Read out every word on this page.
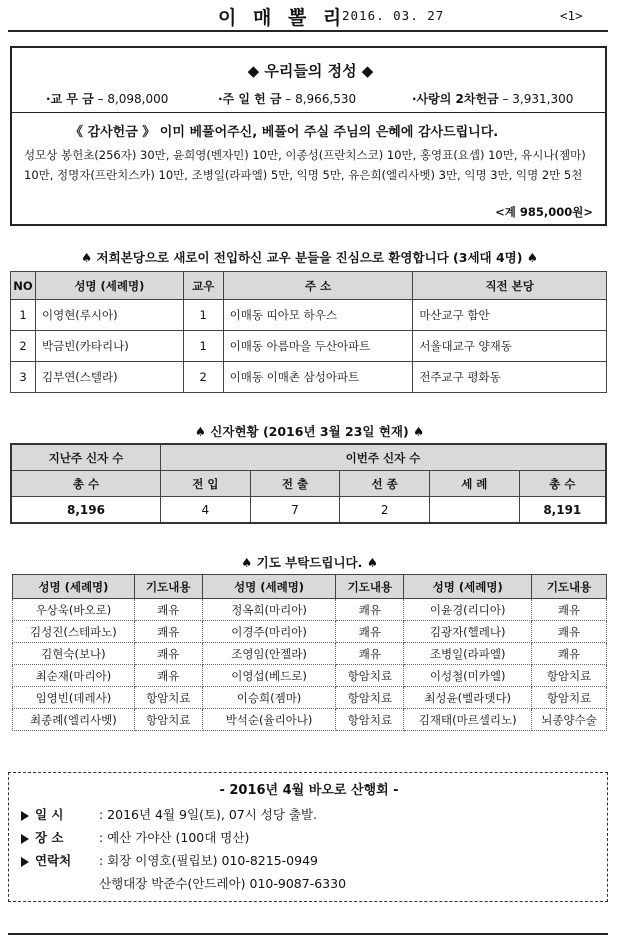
이 매 뽈 리
2016. 03. 27	<1>
◆ 우리들의 정성 ◆
·교 무 금 – 8,098,000	·주 일 헌 금 – 8,966,530	·사랑의 2차헌금 – 3,931,300
《 감사헌금 》 이미 베풀어주신, 베풀어 주실 주님의 은혜에 감사드립니다.
성모상 봉헌초(256자) 30만, 윤희영(벤자민) 10만, 이종성(프란치스코) 10만, 홍영표(요셉) 10만, 유시나(젬마) 10만, 정명자(프란치스카) 10만, 조병일(라파엘) 5만, 익명 5만, 유은희(엘리사벳) 3만, 익명 3만, 익명 2만 5천
<계 985,000원>
♠ 저희본당으로 새로이 전입하신 교우 분들을 진심으로 환영합니다 (3세대 4명) ♠
NO	성명 (세례명)	교우	주 소	직전 본당
1	이영현(루시아)	1	이매동 띠아모 하우스	마산교구 함안
2	박금빈(카타리나)	1	이매동 아름마을 두산아파트	서울대교구 양재동
3	김부연(스텔라)	2	이매동 이매촌 삼성아파트	전주교구 평화동
♠ 신자현황 (2016년 3월 23일 현재) ♠
지난주 신자 수	이번주 신자 수				
총 수	전 입	전 출	선 종	세 례	총 수
8,196	4	7	2		8,191
♠ 기도 부탁드립니다. ♠
성명 (세례명)	기도내용	성명 (세례명)	기도내용	성명 (세례명)	기도내용
우상욱(바오로)	쾌유	정옥희(마리아)	쾌유	이윤경(리디아)	쾌유
김성진(스테파노)	쾌유	이경주(마리아)	쾌유	김광자(헬레나)	쾌유
김현숙(보나)	쾌유	조영임(안젤라)	쾌유	조병일(라파엘)	쾌유
최순재(마리아)	쾌유	이영섭(베드로)	항암치료	이성철(미카엘)	항암치료
임영빈(데레사)	항암치료	이승희(젬마)	항암치료	최성윤(벨라뎃다)	항암치료
최종례(엘리사벳)	항암치료	박석순(율리아나)	항암치료	김재태(마르셀리노)	뇌종양수술
- 2016년 4월 바오로 산행회 -
일 시	: 2016년 4월 9일(토), 07시 성당 출발.
장 소	: 예산 가야산 (100대 명산)
연락처 : 회장 이영호(필립보) 010-8215-0949
산행대장 박준수(안드레아) 010-9087-6330
